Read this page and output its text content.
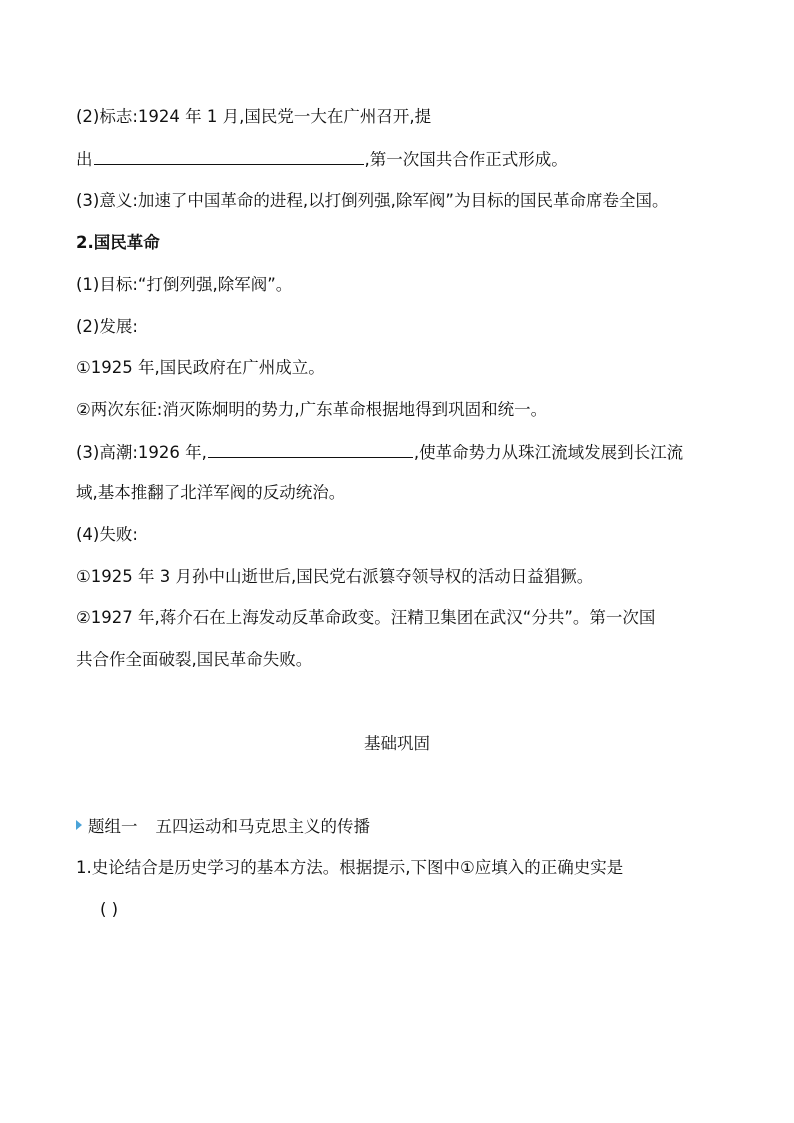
(2)标志:1924 年 1 月,国民党一大在广州召开,提
出	,第一次国共合作正式形成。
(3)意义:加速了中国革命的进程,以打倒列强,除军阀”为目标的国民革命席卷全国。
2.国民革命
(1)目标:“打倒列强,除军阀”。
(2)发展:
①1925 年,国民政府在广州成立。
②两次东征:消灭陈炯明的势力,广东革命根据地得到巩固和统一。
(3)高潮:1926 年,	,使革命势力从珠江流域发展到长江流
域,基本推翻了北洋军阀的反动统治。
(4)失败:
①1925 年 3 月孙中山逝世后,国民党右派篡夺领导权的活动日益猖獗。
②1927 年,蒋介石在上海发动反革命政变。汪精卫集团在武汉“分共”。第一次国
共合作全面破裂,国民革命失败。
基础巩固
题组一 五四运动和马克思主义的传播
1.史论结合是历史学习的基本方法。根据提示,下图中①应填入的正确史实是
( )
